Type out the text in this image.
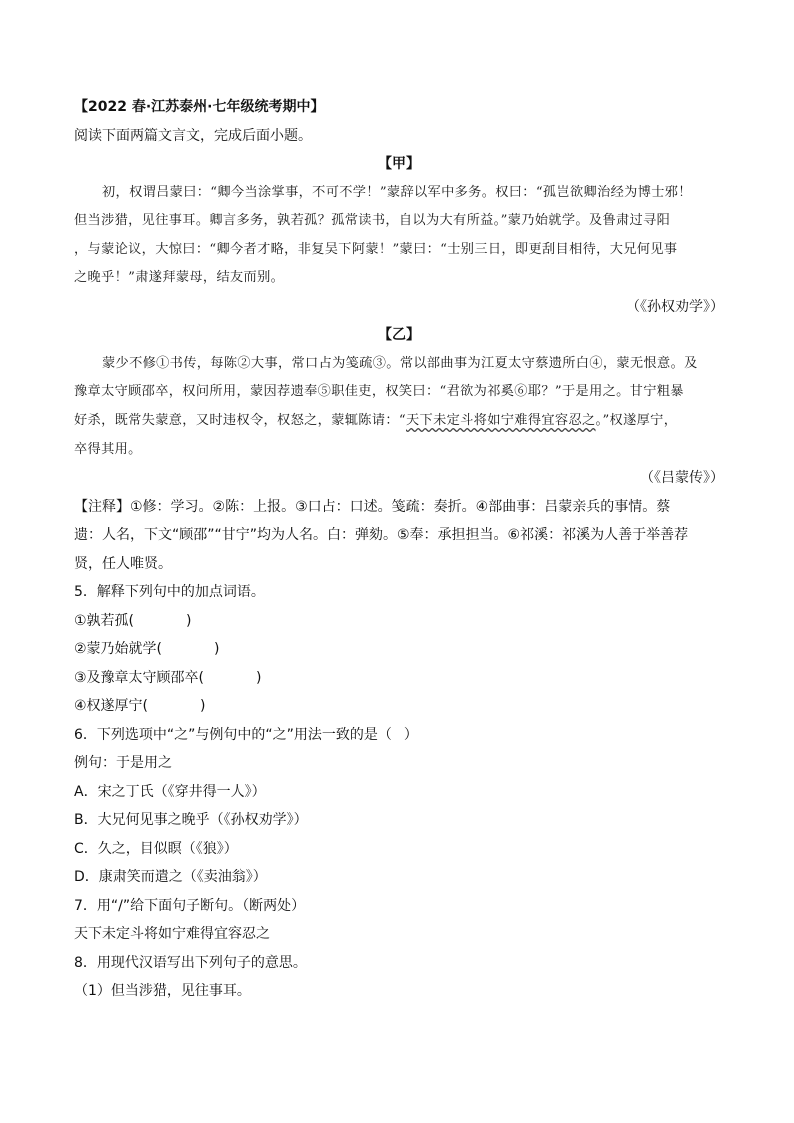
【2022 春·江苏泰州·七年级统考期中】
阅读下面两篇文言文，完成后面小题。
【甲】
初，权谓吕蒙曰：“卿今当涂掌事，不可不学！”蒙辞以军中多务。权曰：“孤岂欲卿治经为博士邪！
但当涉猎，见往事耳。卿言多务，孰若孤？孤常读书，自以为大有所益。”蒙乃始就学。及鲁肃过寻阳
，与蒙论议，大惊曰：“卿今者才略，非复吴下阿蒙！”蒙曰：“士别三日，即更刮目相待，大兄何见事
之晚乎！”肃遂拜蒙母，结友而别。
（《孙权劝学》）
【乙】
蒙少不修①书传，每陈②大事，常口占为笺疏③。常以部曲事为江夏太守蔡遗所白④，蒙无恨意。及
豫章太守顾邵卒，权问所用，蒙因荐遗奉⑤职佳吏，权笑曰：“君欲为祁奚⑥耶？”于是用之。甘宁粗暴
好杀，既常失蒙意，又时违权令，权怒之，蒙辄陈请：“天下未定斗将如宁难得宜容忍之。”权遂厚宁，
卒得其用。
（《吕蒙传》）
【注释】①修：学习。②陈：上报。③口占：口述。笺疏：奏折。④部曲事：吕蒙亲兵的事情。蔡
遗：人名，下文“顾邵”“甘宁”均为人名。白：弹劾。⑤奉：承担担当。⑥祁溪：祁溪为人善于举善荐
贤，任人唯贤。
5．解释下列句中的加点词语。
①孰若孤(	)
②蒙乃始就学(	)
③及豫章太守顾邵卒(	)
④权遂厚宁(	)
6．下列选项中“之”与例句中的“之”用法一致的是（ ）
例句：于是用之
A．宋之丁氏（《穿井得一人》）
B．大兄何见事之晚乎（《孙权劝学》）
C．久之，目似瞑（《狼》）
D．康肃笑而遣之（《卖油翁》）
7．用“/”给下面句子断句。（断两处）
天下未定斗将如宁难得宜容忍之
8．用现代汉语写出下列句子的意思。
（1）但当涉猎，见往事耳。
